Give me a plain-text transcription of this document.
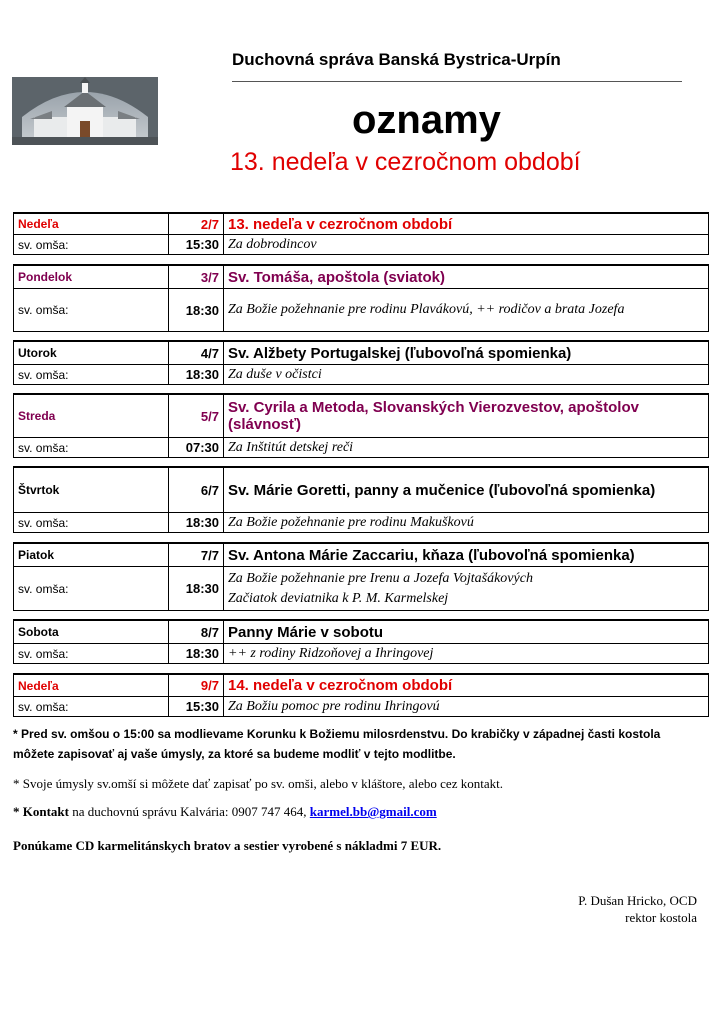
Duchovná správa Banská Bystrica-Urpín
oznamy
13. nedeľa v cezročnom období
Nedeľa	2/7 13. nedeľa v cezročnom období
sv. omša:	15:30 Za dobrodincov
Pondelok	3/7 Sv. Tomáša, apoštola (sviatok)
sv. omša:	18:30 Za Božie požehnanie pre rodinu Plavákovú, ++ rodičov a brata Jozefa
Utorok	4/7 Sv. Alžbety Portugalskej (ľubovoľná spomienka)
sv. omša:	18:30 Za duše v očistci
Streda	5/7 Sv. Cyrila a Metoda, Slovanských Vierozvestov, apoštolov (slávnosť)
sv. omša:	07:30 Za Inštitút detskej reči
Štvrtok	6/7 Sv. Márie Goretti, panny a mučenice (ľubovoľná spomienka)
sv. omša:	18:30 Za Božie požehnanie pre rodinu Makuškovú
Piatok	7/7 Sv. Antona Márie Zaccariu, kňaza (ľubovoľná spomienka)
sv. omša:	18:30
Za Božie požehnanie pre Irenu a Jozefa Vojtašákových
Začiatok deviatnika k P. M. Karmelskej
Sobota	8/7 Panny Márie v sobotu
sv. omša:	18:30 ++ z rodiny Ridzoňovej a Ihringovej
Nedeľa	9/7 14. nedeľa v cezročnom období
sv. omša:	15:30 Za Božiu pomoc pre rodinu Ihringovú
* Pred sv. omšou o 15:00 sa modlievame Korunku k Božiemu milosrdenstvu. Do krabičky v západnej časti kostola môžete zapisovať aj vaše úmysly, za ktoré sa budeme modliť v tejto modlitbe.
* Svoje úmysly sv.omší si môžete dať zapisať po sv. omši, alebo v kláštore, alebo cez kontakt.
* Kontakt na duchovnú správu Kalvária: 0907 747 464, karmel.bb@gmail.com
Ponúkame CD karmelitánskych bratov a sestier vyrobené s nákladmi 7 EUR.
P. Dušan Hricko, OCD
rektor kostola
